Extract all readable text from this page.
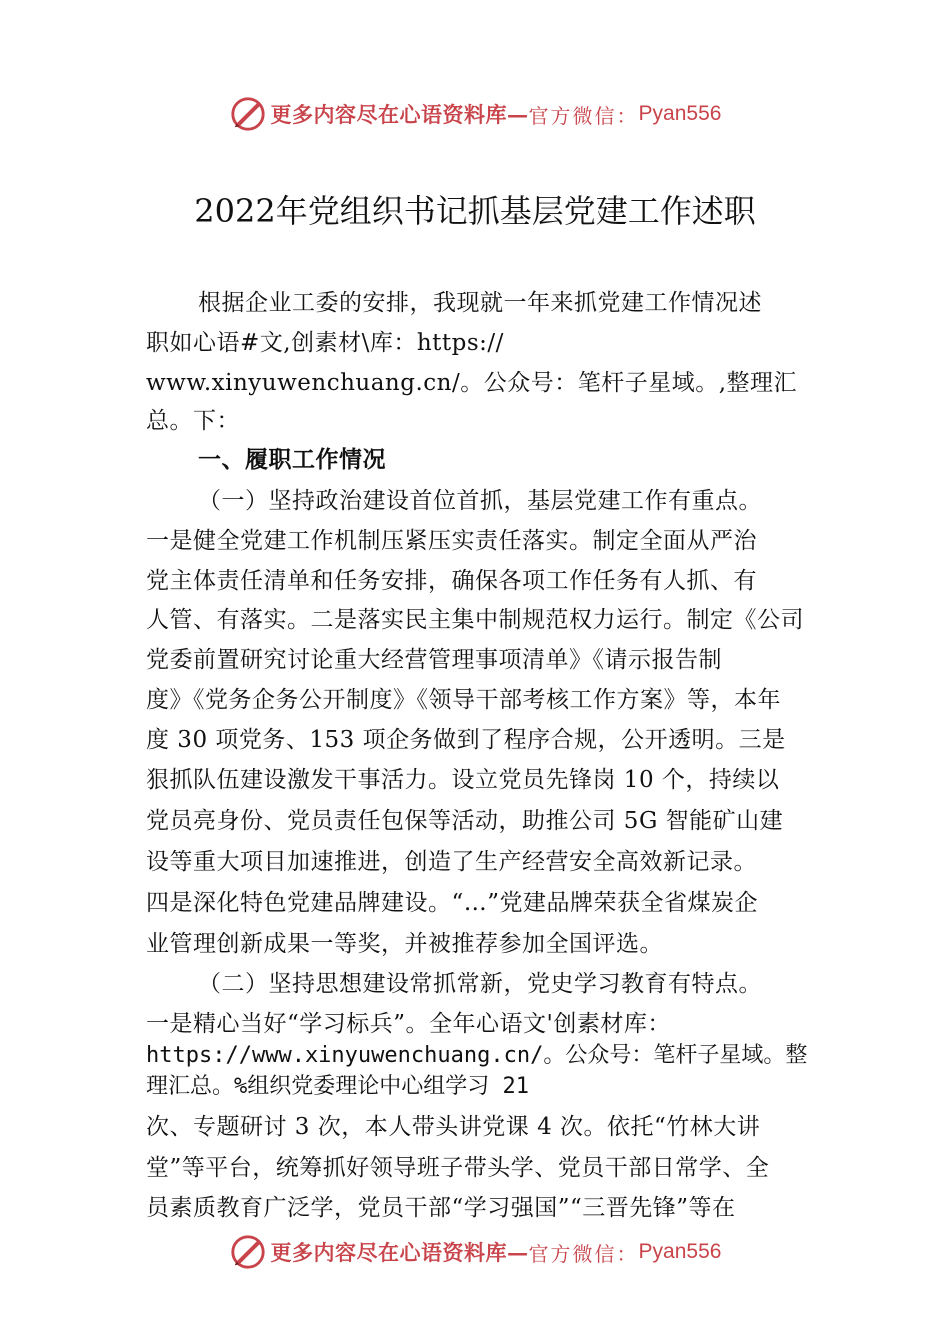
更多内容尽在心语资料库— 官方微信： Pyan556
2022年党组织书记抓基层党建工作述职

根据企业工委的安排，我现就一年来抓党建工作情况述

职如心语#文,创素材\库：https://

www.xinyuwenchuang.cn/。公众号：笔杆子星域。,整理汇

总。下：

一、履职工作情况

（一）坚持政治建设首位首抓，基层党建工作有重点。

一是健全党建工作机制压紧压实责任落实。制定全面从严治

党主体责任清单和任务安排，确保各项工作任务有人抓、有

人管、有落实。二是落实民主集中制规范权力运行。制定《公司

党委前置研究讨论重大经营管理事项清单》《请示报告制

度》《党务企务公开制度》《领导干部考核工作方案》等，本年

度 30 项党务、153 项企务做到了程序合规，公开透明。三是

狠抓队伍建设激发干事活力。设立党员先锋岗 10 个，持续以

党员亮身份、党员责任包保等活动，助推公司 5G 智能矿山建

设等重大项目加速推进，创造了生产经营安全高效新记录。

四是深化特色党建品牌建设。“…”党建品牌荣获全省煤炭企

业管理创新成果一等奖，并被推荐参加全国评选。

（二）坚持思想建设常抓常新，党史学习教育有特点。

一是精心当好“学习标兵”。全年心语文'创素材库：

https://www.xinyuwenchuang.cn/。公众号：笔杆子星域。整

理汇总。%组织党委理论中心组学习 21

次、专题研讨 3 次，本人带头讲党课 4 次。依托“竹林大讲

堂”等平台，统筹抓好领导班子带头学、党员干部日常学、全

员素质教育广泛学，党员干部“学习强国”“三晋先锋”等在

更多内容尽在心语资料库— 官方微信： Pyan556
